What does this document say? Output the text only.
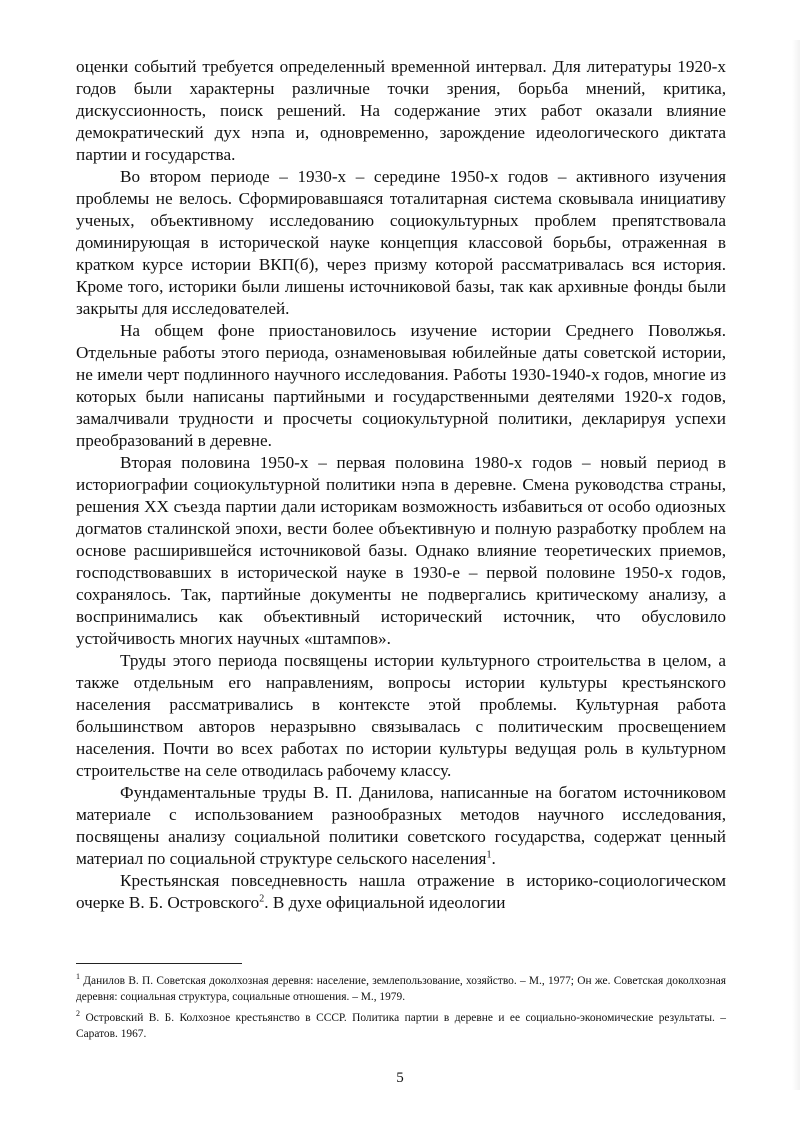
оценки событий требуется определенный временной интервал. Для литературы 1920-х годов были характерны различные точки зрения, борьба мнений, критика, дискуссионность, поиск решений. На содержание этих работ оказали влияние демократический дух нэпа и, одновременно, зарождение идеологического диктата партии и государства.

Во втором периоде – 1930-х – середине 1950-х годов – активного изучения проблемы не велось. Сформировавшаяся тоталитарная система сковывала инициативу ученых, объективному исследованию социокультурных проблем препятствовала доминирующая в исторической науке концепция классовой борьбы, отраженная в кратком курсе истории ВКП(б), через призму которой рассматривалась вся история. Кроме того, историки были лишены источниковой базы, так как архивные фонды были закрыты для исследователей.

На общем фоне приостановилось изучение истории Среднего Поволжья. Отдельные работы этого периода, ознаменовывая юбилейные даты советской истории, не имели черт подлинного научного исследования. Работы 1930-1940-х годов, многие из которых были написаны партийными и государственными деятелями 1920-х годов, замалчивали трудности и просчеты социокультурной политики, декларируя успехи преобразований в деревне.

Вторая половина 1950-х – первая половина 1980-х годов – новый период в историографии социокультурной политики нэпа в деревне. Смена руководства страны, решения XX съезда партии дали историкам возможность избавиться от особо одиозных догматов сталинской эпохи, вести более объективную и полную разработку проблем на основе расширившейся источниковой базы. Однако влияние теоретических приемов, господствовавших в исторической науке в 1930-е – первой половине 1950-х годов, сохранялось. Так, партийные документы не подвергались критическому анализу, а воспринимались как объективный исторический источник, что обусловило устойчивость многих научных «штампов».

Труды этого периода посвящены истории культурного строительства в целом, а также отдельным его направлениям, вопросы истории культуры крестьянского населения рассматривались в контексте этой проблемы. Культурная работа большинством авторов неразрывно связывалась с политическим просвещением населения. Почти во всех работах по истории культуры ведущая роль в культурном строительстве на селе отводилась рабочему классу.

Фундаментальные труды В. П. Данилова, написанные на богатом источниковом материале с использованием разнообразных методов научного исследования, посвящены анализу социальной политики советского государства, содержат ценный материал по социальной структуре сельского населения$^1$.

Крестьянская повседневность нашла отражение в историко-социологическом очерке В. Б. Островского$^2$. В духе официальной идеологии

$^1$ Данилов В. П. Советская доколхозная деревня: население, землепользование, хозяйство. – М., 1977; Он же. Советская доколхозная деревня: социальная структура, социальные отношения. – М., 1979.

$^2$ Островский В. Б. Колхозное крестьянство в СССР. Политика партии в деревне и ее социально-экономические результаты. – Саратов. 1967.

5
